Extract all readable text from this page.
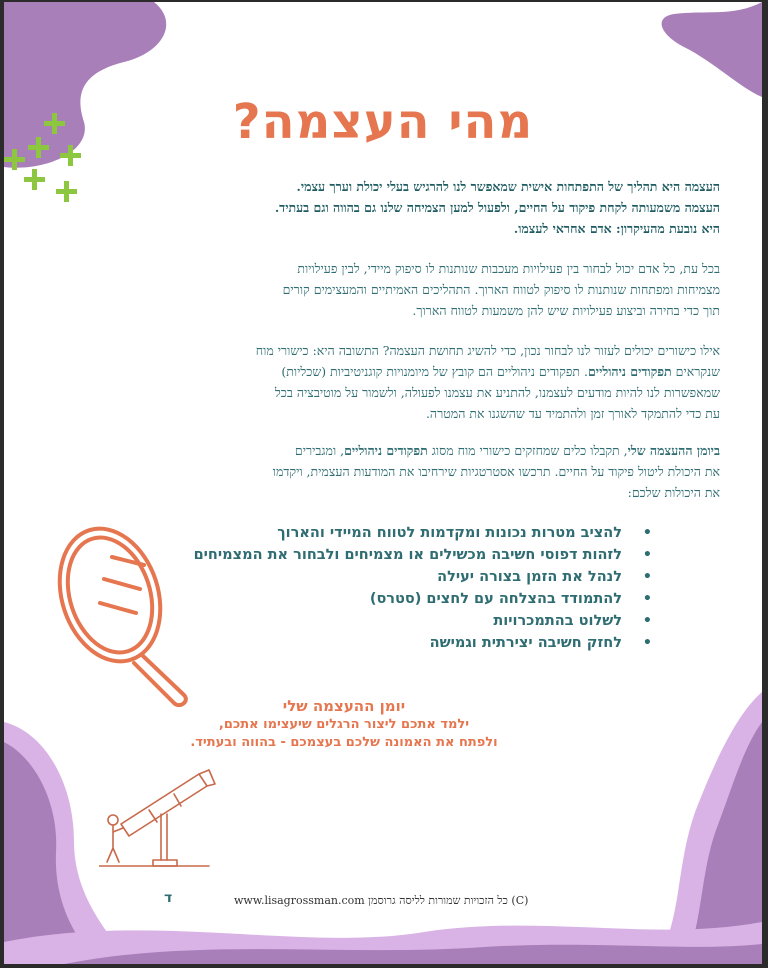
מהי העצמה?
העצמה היא תהליך של התפתחות אישית שמאפשר לנו להרגיש בעלי יכולת וערך עצמי.
העצמה משמעותה לקחת פיקוד על החיים, ולפעול למען הצמיחה שלנו גם בהווה וגם בעתיד.
היא נובעת מהעיקרון: אדם אחראי לעצמו.
בכל עת, כל אדם יכול לבחור בין פעילויות מעכבות שנותנות לו סיפוק מיידי, לבין פעילויות
מצמיחות ומפתחות שנותנות לו סיפוק לטווח הארוך. התהליכים האמיתיים והמעצימים קורים
תוך כדי בחירה וביצוע פעילויות שיש להן משמעות לטווח הארוך.
אילו כישורים יכולים לעזור לנו לבחור נכון, כדי להשיג תחושת העצמה? התשובה היא: כישורי מוח
שנקראים תפקודים ניהוליים. תפקודים ניהוליים הם קובץ של מיומנויות קוגניטיביות (שכליות)
שמאפשרות לנו להיות מודעים לעצמנו, להתניע את עצמנו לפעולה, ולשמור על מוטיבציה בכל
עת כדי להתמקד לאורך זמן ולהתמיד עד שהשגנו את המטרה.
ביומן ההעצמה שלי, תקבלו כלים שמחזקים כישורי מוח מסוג תפקודים ניהוליים, ומגבירים
את היכולת ליטול פיקוד על החיים. תרכשו אסטרטגיות שירחיבו את המודעות העצמית, ויקדמו
את היכולות שלכם:
• להציב מטרות נכונות ומקדמות לטווח המיידי והארוך
• לזהות דפוסי חשיבה מכשילים או מצמיחים ולבחור את המצמיחים
• לנהל את הזמן בצורה יעילה
• להתמודד בהצלחה עם לחצים (סטרס)
• לשלוט בהתמכרויות
• לחזק חשיבה יצירתית וגמישה
יומן ההעצמה שלי
ילמד אתכם ליצור הרגלים שיעצימו אתכם,
ולפתח את האמונה שלכם בעצמכם - בהווה ובעתיד.
ד	(C) כל הזכויות שמורות לליסה גרוסמן www.lisagrossman.com
